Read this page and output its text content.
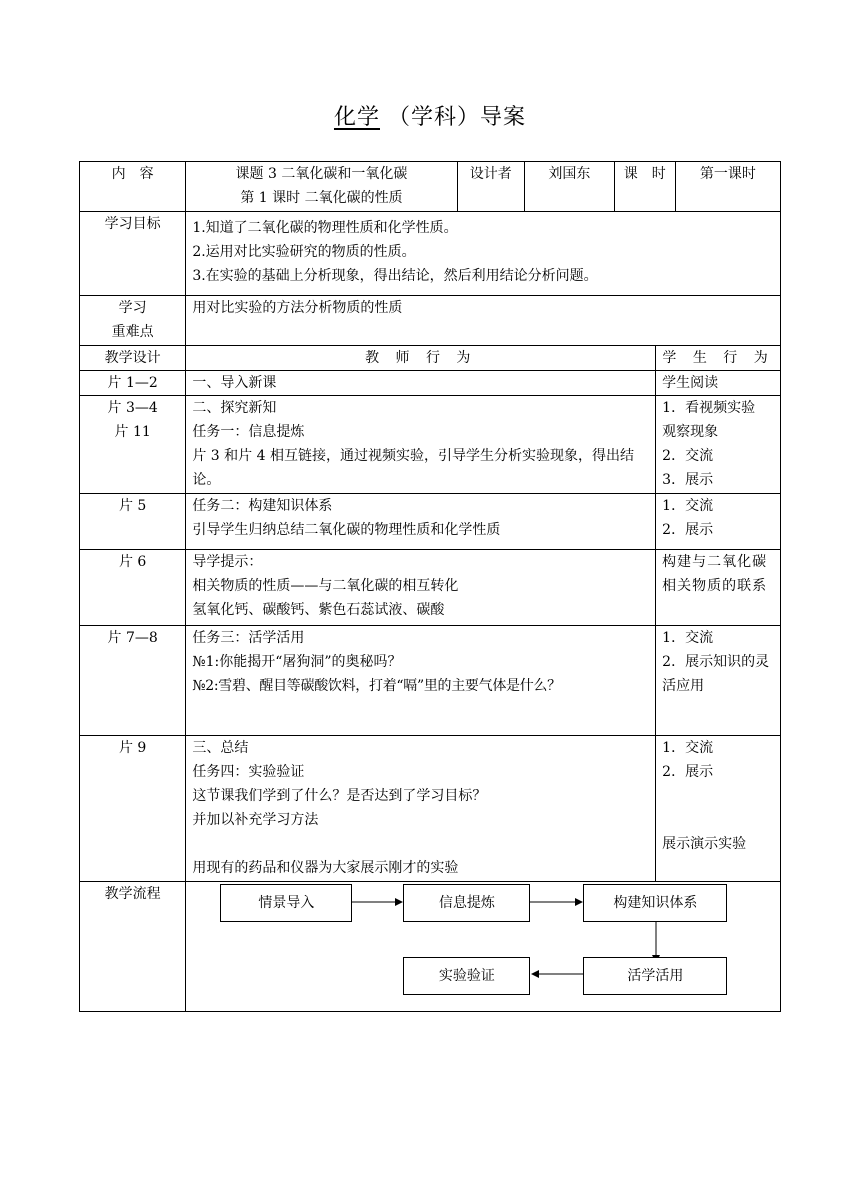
化学 （学科）导案
内　容	课题 3 二氧化碳和一氧化碳
第 1 课时 二氧化碳的性质	设计者	刘国东	课　时		第一课时
学习目标	1.知道了二氧化碳的物理性质和化学性质。
2.运用对比实验研究的物质的性质。
3.在实验的基础上分析现象，得出结论，然后利用结论分析问题。					

学习
重难点	用对比实验的方法分析物质的性质					
教学设计	教 师 行 为				学 生 行 为	

片 1—2	一、导入新课				学生阅读	

片 3—4
片 11	二、探究新知
任务一：信息提炼
片 3 和片 4 相互链接，通过视频实验，引导学生分析实验现象，得出结论。				1．看视频实验
观察现象
2．交流
3．展示	

片 5	任务二：构建知识体系
引导学生归纳总结二氧化碳的物理性质和化学性质				1．交流
2．展示	

片 6	导学提示：
相关物质的性质——与二氧化碳的相互转化
氢氧化钙、碳酸钙、紫色石蕊试液、碳酸				构建与二氧化碳相关物质的联系	

片 7—8	任务三：活学活用
№1:你能揭开“屠狗洞”的奥秘吗？
№2:雪碧、醒目等碳酸饮料，打着“嗝”里的主要气体是什么？				1．交流
2．展示知识的灵活应用	

片 9	三、总结
任务四：实验验证
这节课我们学到了什么？是否达到了学习目标？
并加以补充学习方法
用现有的药品和仪器为大家展示刚才的实验				1．交流
2．展示
展示演示实验	

教学流程	情景导入 信息提炼 构建知识体系
活学活用
实验验证					
